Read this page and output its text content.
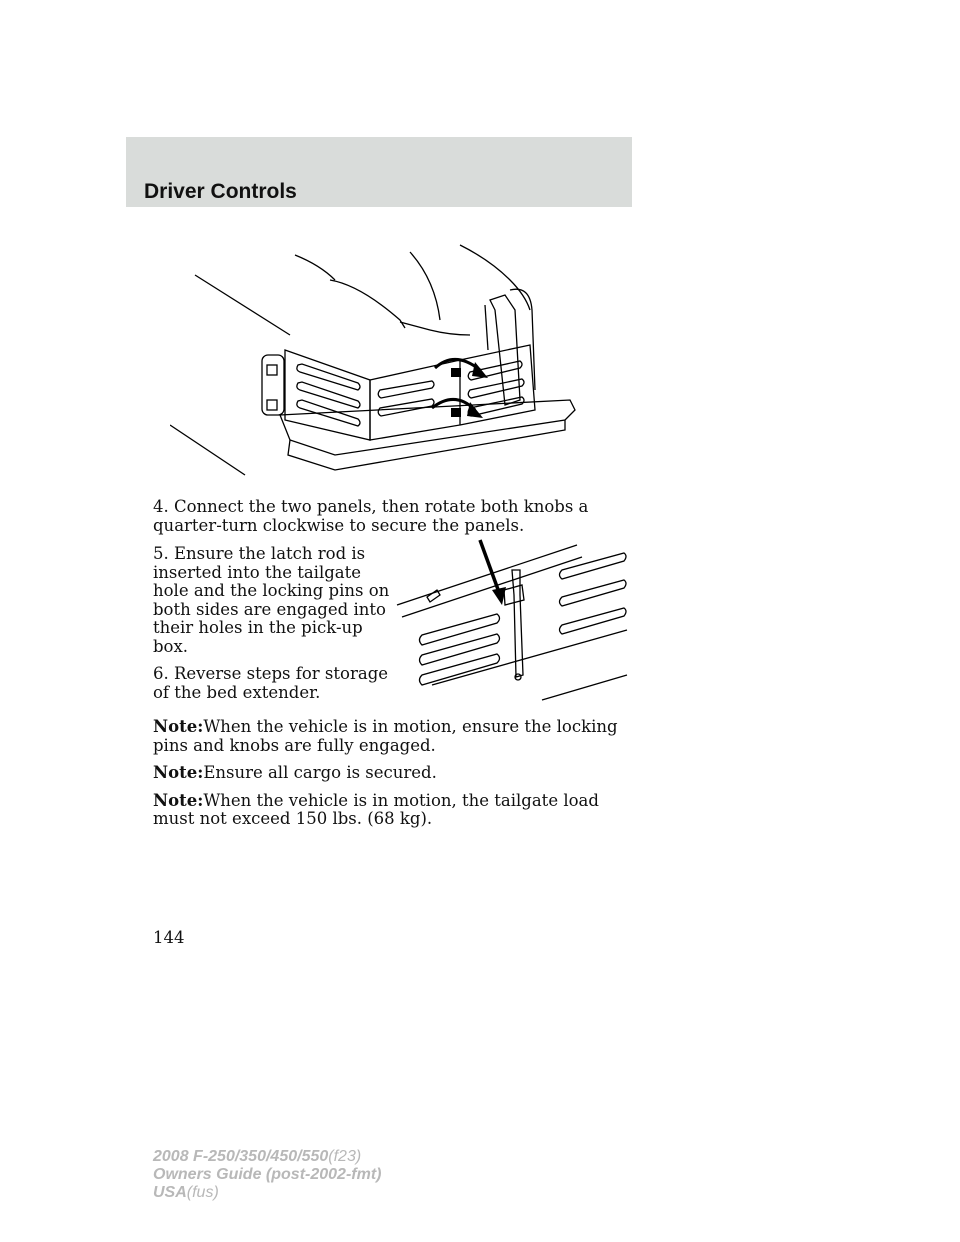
Driver Controls

4. Connect the two panels, then rotate both knobs a quarter-turn clockwise to secure the panels.

5. Ensure the latch rod is inserted into the tailgate hole and the locking pins on both sides are engaged into their holes in the pick-up box.

6. Reverse steps for storage of the bed extender.

Note:When the vehicle is in motion, ensure the locking pins and knobs are fully engaged.

Note:Ensure all cargo is secured.

Note:When the vehicle is in motion, the tailgate load must not exceed 150 lbs. (68 kg).

144
2008 F-250/350/450/550(f23)
Owners Guide (post-2002-fmt)
USA(fus)
